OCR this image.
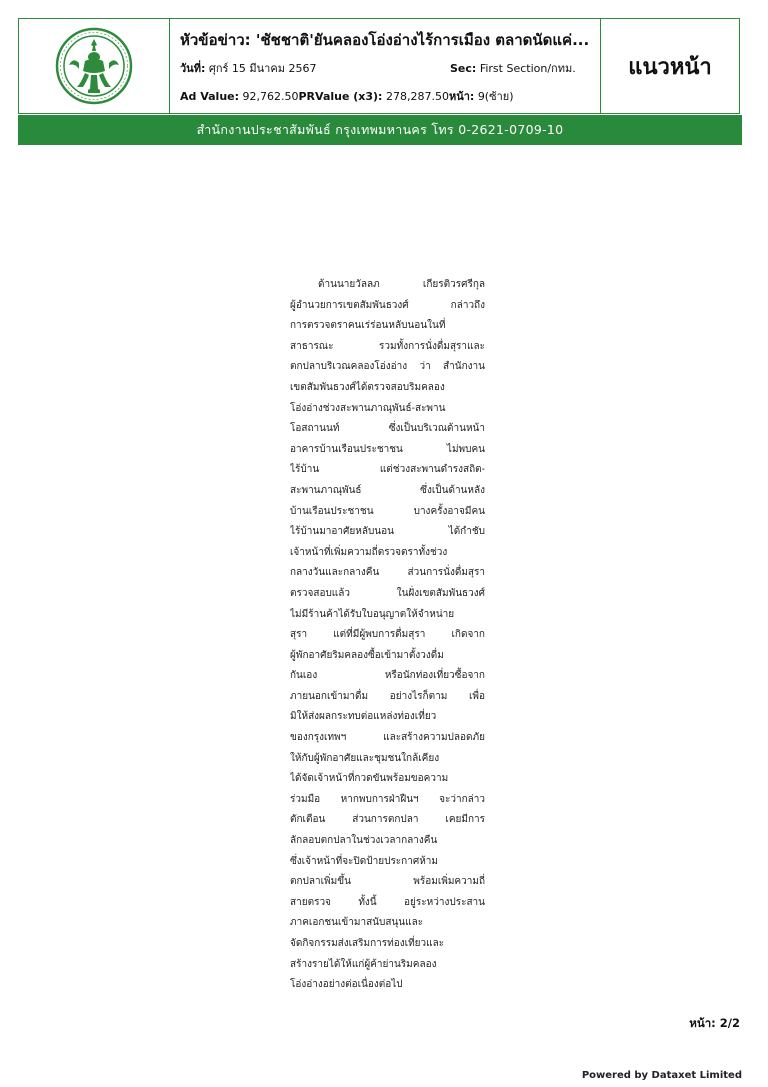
หัวข้อข่าว: 'ชัชชาติ'ยันคลองโอ่งอ่างไร้การเมือง ตลาดนัดแค่...
วันที่: ศุกร์ 15 มีนาคม 2567	Sec: First Section/กทม.
Ad Value: 92,762.50PRValue (x3): 278,287.50หน้า: 9(ซ้าย)
แนวหน้า
สำนักงานประชาสัมพันธ์ กรุงเทพมหานคร โทร 0-2621-0709-10
ด้านนายวัลลภ เกียรติวรศรีกุล
ผู้อำนวยการเขตสัมพันธวงศ์ กล่าวถึง
การตรวจตราคนเร่ร่อนหลับนอนในที่
สาธารณะ รวมทั้งการนั่งดื่มสุราและ
ตกปลาบริเวณคลองโอ่งอ่าง ว่า สำนักงาน
เขตสัมพันธวงศ์ได้ตรวจสอบริมคลอง
โอ่งอ่างช่วงสะพานภาณุพันธ์-สะพาน
โอสถานนท์ ซึ่งเป็นบริเวณด้านหน้า
อาคารบ้านเรือนประชาชน ไม่พบคน
ไร้บ้าน แต่ช่วงสะพานดำรงสถิต-
สะพานภาณุพันธ์ ซึ่งเป็นด้านหลัง
บ้านเรือนประชาชน บางครั้งอาจมีคน
ไร้บ้านมาอาศัยหลับนอน ได้กำชับ
เจ้าหน้าที่เพิ่มความถี่ตรวจตราทั้งช่วง
กลางวันและกลางคืน ส่วนการนั่งดื่มสุรา
ตรวจสอบแล้ว ในฝั่งเขตสัมพันธวงศ์
ไม่มีร้านค้าได้รับใบอนุญาตให้จำหน่าย
สุรา แต่ที่มีผู้พบการดื่มสุรา เกิดจาก
ผู้พักอาศัยริมคลองซื้อเข้ามาตั้งวงดื่ม
กันเอง หรือนักท่องเที่ยวซื้อจาก
ภายนอกเข้ามาดื่ม อย่างไรก็ตาม เพื่อ
มิให้ส่งผลกระทบต่อแหล่งท่องเที่ยว
ของกรุงเทพฯ และสร้างความปลอดภัย
ให้กับผู้พักอาศัยและชุมชนใกล้เคียง
ได้จัดเจ้าหน้าที่กวดขันพร้อมขอความ
ร่วมมือ หากพบการฝ่าฝืนฯ จะว่ากล่าว
ตักเตือน ส่วนการตกปลา เคยมีการ
ลักลอบตกปลาในช่วงเวลากลางคืน
ซึ่งเจ้าหน้าที่จะปิดป้ายประกาศห้าม
ตกปลาเพิ่มขึ้น พร้อมเพิ่มความถี่
สายตรวจ ทั้งนี้ อยู่ระหว่างประสาน
ภาคเอกชนเข้ามาสนับสนุนและ
จัดกิจกรรมส่งเสริมการท่องเที่ยวและ
สร้างรายได้ให้แก่ผู้ค้าย่านริมคลอง
โอ่งอ่างอย่างต่อเนื่องต่อไป
หน้า: 2/2
Powered by Dataxet Limited
